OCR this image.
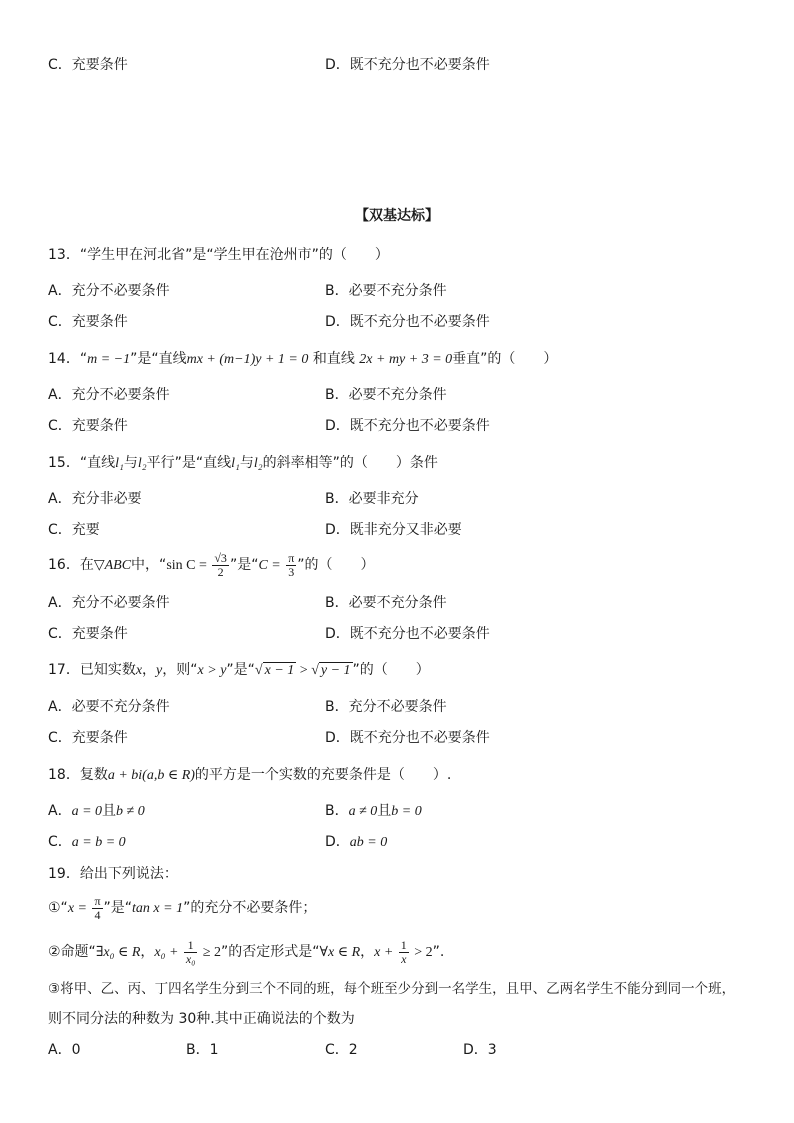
C．充要条件	D．既不充分也不必要条件
【双基达标】
13．“学生甲在河北省”是“学生甲在沧州市”的（　　）
A．充分不必要条件	B．必要不充分条件
C．充要条件	D．既不充分也不必要条件
14．“m = −1”是“直线mx + (m−1)y + 1 = 0 和直线 2x + my + 3 = 0垂直”的（　　）
A．充分不必要条件	B．必要不充分条件
C．充要条件	D．既不充分也不必要条件
15．“直线l₁与l₂平行”是“直线l₁与l₂的斜率相等”的（　　）条件
A．充分非必要	B．必要非充分
C．充要	D．既非充分又非必要
16．在▽ABC中，“sin $C = \frac{√3}{2}$ ”是“$C = \frac{\pi}{3}$ ”的（　　）
A．充分不必要条件	B．必要不充分条件
C．充要条件	D．既不充分也不必要条件
17．已知实数x，y，则“x > y”是“√ x − 1 > √ y − 1 ”的（　　）
A．必要不充分条件	B．充分不必要条件
C．充要条件	D．既不充分也不必要条件
18．复数a + bi(a,b ∈ R)的平方是一个实数的充要条件是（　　）.
A．a = 0且b ≠ 0	B．a ≠ 0且b = 0
C．a = b = 0	D．ab = 0
19．给出下列说法：
①“x = $\frac{\pi}{4}$ ”是“tan x = 1”的充分不必要条件；
②命题“∃x₀ ∈ R，$x_0 + \frac{1}{\text{x₀}} \ge 2$”的否定形式是“∀x ∈ R，$x + \frac{1}{x} > 2$”.
③将甲、乙、丙、丁四名学生分到三个不同的班，每个班至少分到一名学生，且甲、乙两名学生不能分到同一个班，
则不同分法的种数为 30种.其中正确说法的个数为
A．0	B．1	C．2	D．3
